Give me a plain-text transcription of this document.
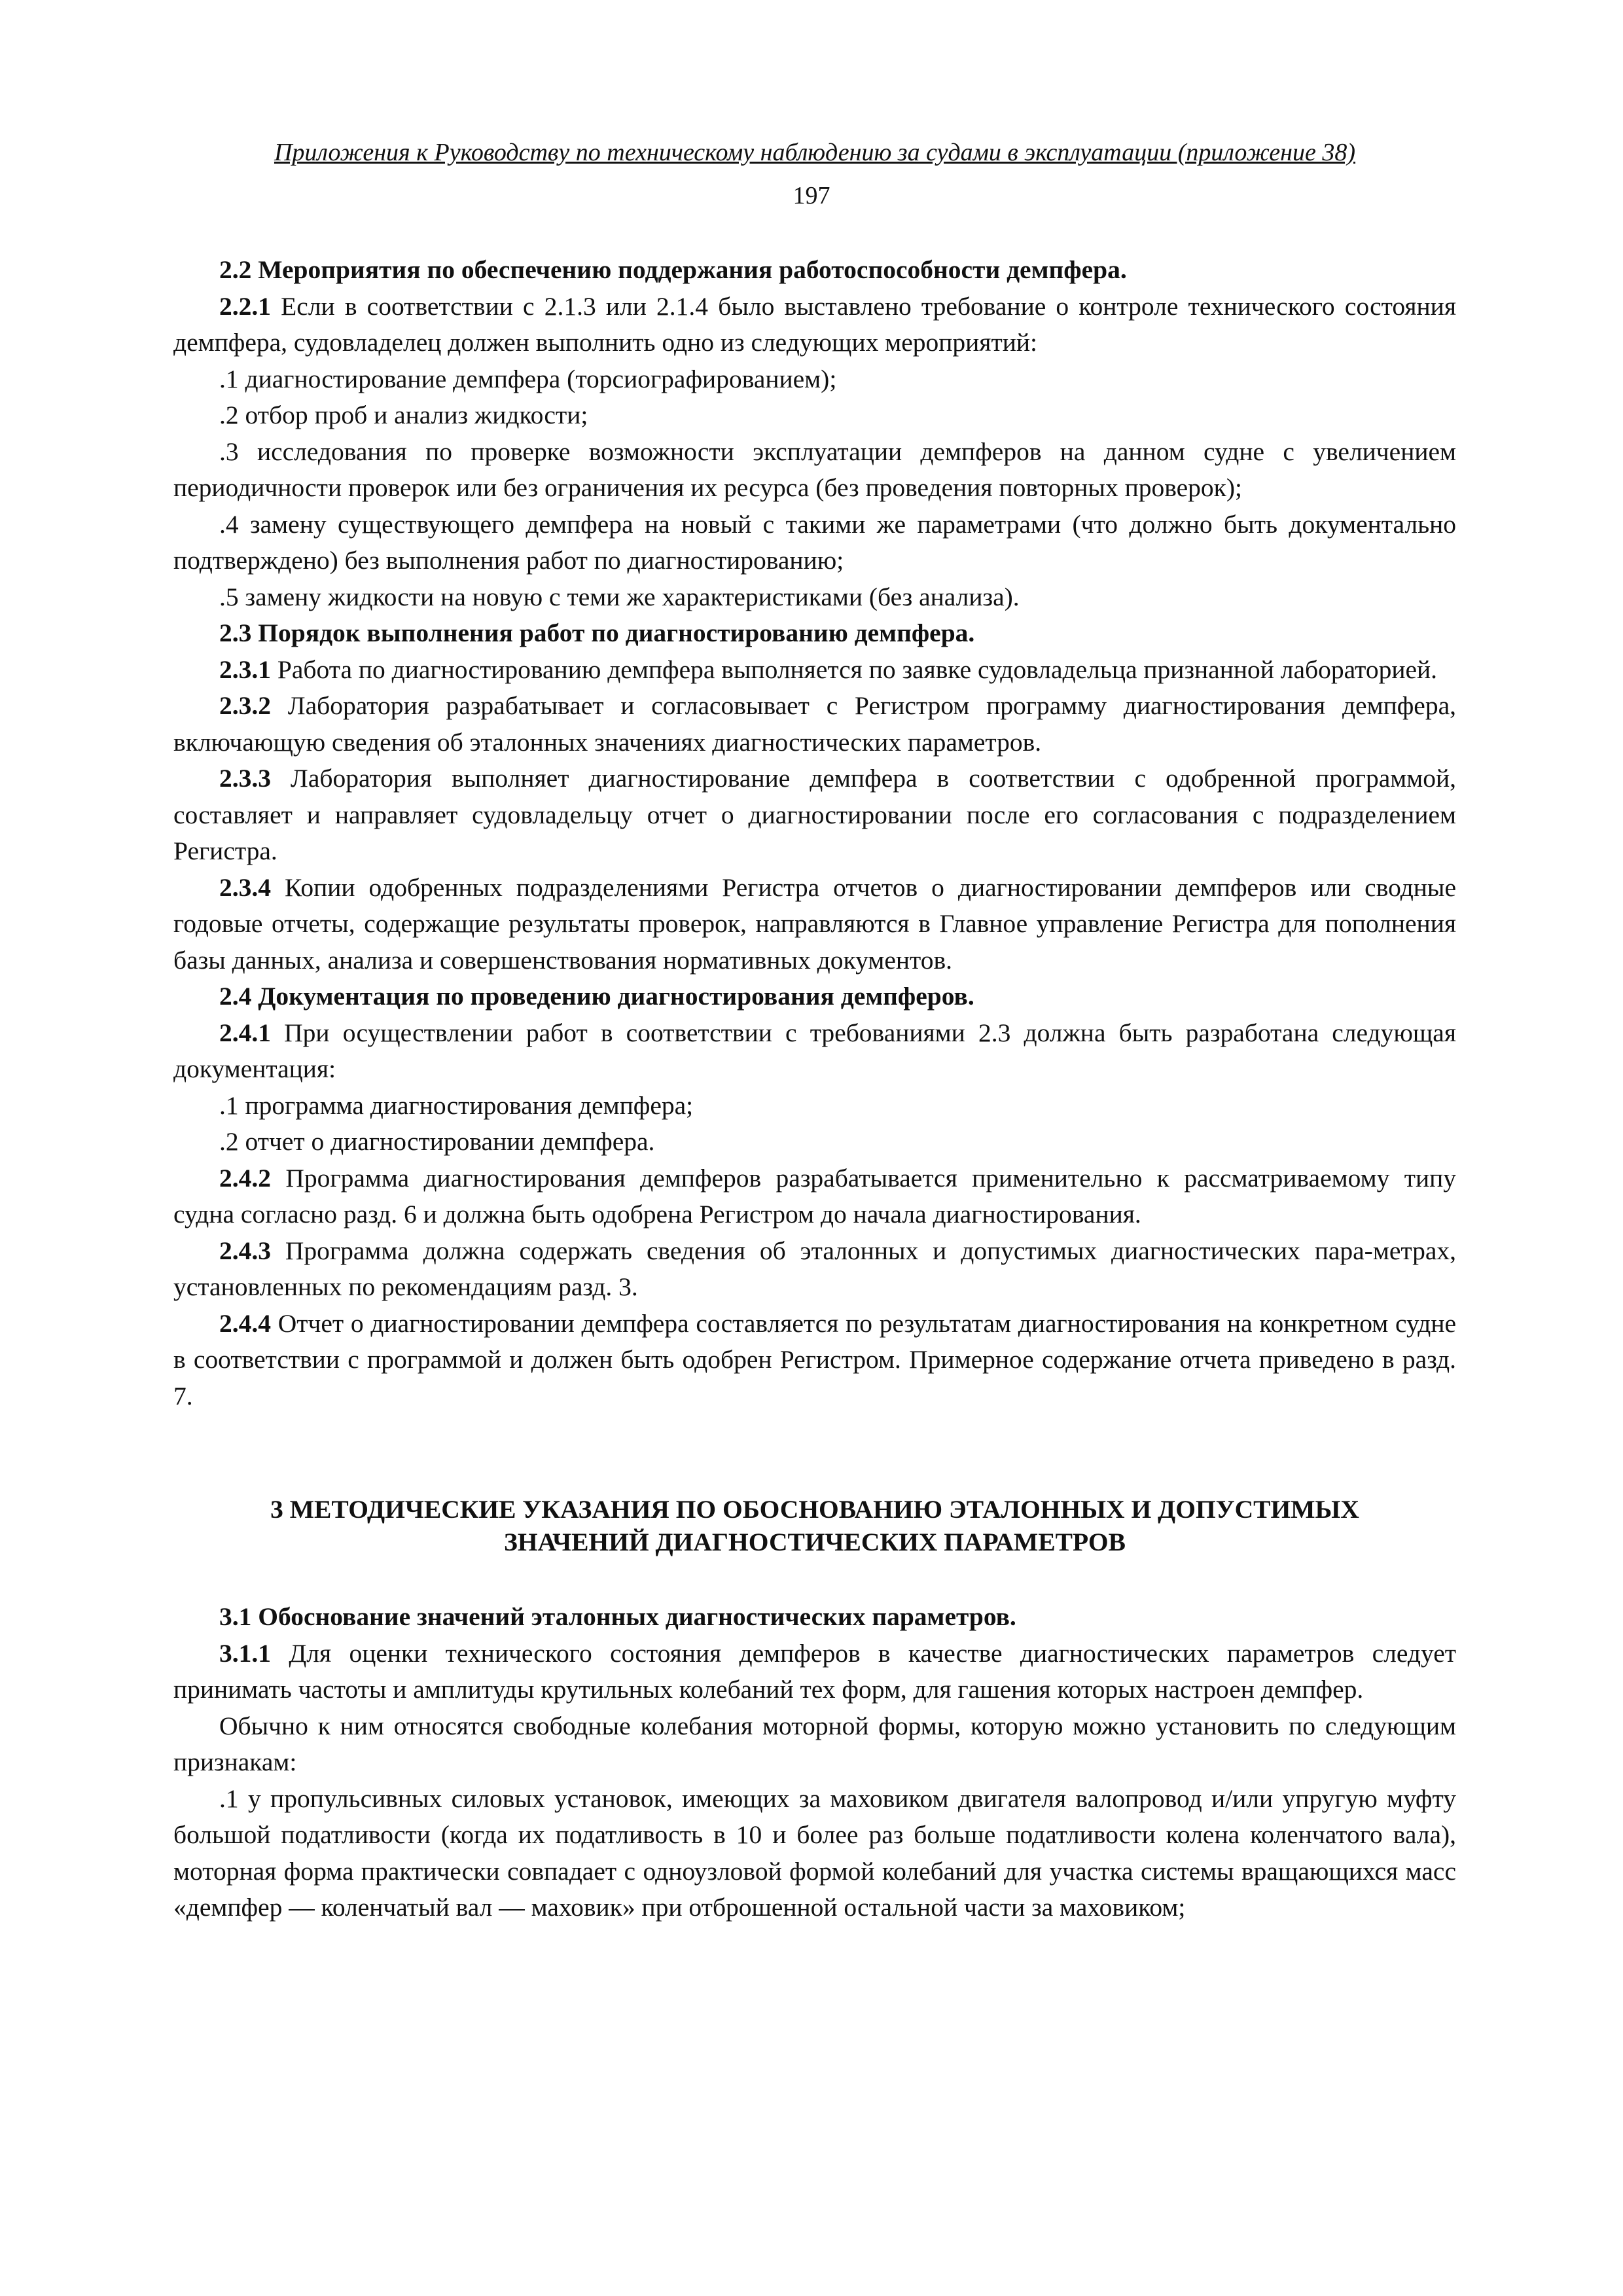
Приложения к Руководству по техническому наблюдению за судами в эксплуатации (приложение 38)
197

2.2 Мероприятия по обеспечению поддержания работоспособности демпфера.

2.2.1 Если в соответствии с 2.1.3 или 2.1.4 было выставлено требование о контроле технического состояния демпфера, судовладелец должен выполнить одно из следующих мероприятий:

.1 диагностирование демпфера (торсиографированием);

.2 отбор проб и анализ жидкости;

.3 исследования по проверке возможности эксплуатации демпферов на данном судне с увеличением периодичности проверок или без ограничения их ресурса (без проведения повторных проверок);

.4 замену существующего демпфера на новый с такими же параметрами (что должно быть документально подтверждено) без выполнения работ по диагностированию;

.5 замену жидкости на новую с теми же характеристиками (без анализа).

2.3 Порядок выполнения работ по диагностированию демпфера.

2.3.1 Работа по диагностированию демпфера выполняется по заявке судовладельца признанной лабораторией.

2.3.2 Лаборатория разрабатывает и согласовывает с Регистром программу диагностирования демпфера, включающую сведения об эталонных значениях диагностических параметров.

2.3.3 Лаборатория выполняет диагностирование демпфера в соответствии с одобренной программой, составляет и направляет судовладельцу отчет о диагностировании после его согласования с подразделением Регистра.

2.3.4 Копии одобренных подразделениями Регистра отчетов о диагностировании демпферов или сводные годовые отчеты, содержащие результаты проверок, направляются в Главное управление Регистра для пополнения базы данных, анализа и совершенствования нормативных документов.

2.4 Документация по проведению диагностирования демпферов.

2.4.1 При осуществлении работ в соответствии с требованиями 2.3 должна быть разработана следующая документация:

.1 программа диагностирования демпфера;

.2 отчет о диагностировании демпфера.

2.4.2 Программа диагностирования демпферов разрабатывается применительно к рассматриваемому типу судна согласно разд. 6 и должна быть одобрена Регистром до начала диагностирования.

2.4.3 Программа должна содержать сведения об эталонных и допустимых диагностических пара-метрах, установленных по рекомендациям разд. 3.

2.4.4 Отчет о диагностировании демпфера составляется по результатам диагностирования на конкретном судне в соответствии с программой и должен быть одобрен Регистром. Примерное содержание отчета приведено в разд. 7.

3 МЕТОДИЧЕСКИЕ УКАЗАНИЯ ПО ОБОСНОВАНИЮ ЭТАЛОННЫХ И ДОПУСТИМЫХ

ЗНАЧЕНИЙ ДИАГНОСТИЧЕСКИХ ПАРАМЕТРОВ

3.1 Обоснование значений эталонных диагностических параметров.

3.1.1 Для оценки технического состояния демпферов в качестве диагностических параметров следует принимать частоты и амплитуды крутильных колебаний тех форм, для гашения которых настроен демпфер.

Обычно к ним относятся свободные колебания моторной формы, которую можно установить по следующим признакам:

.1 у пропульсивных силовых установок, имеющих за маховиком двигателя валопровод и/или упругую муфту большой податливости (когда их податливость в 10 и более раз больше податливости колена коленчатого вала), моторная форма практически совпадает с одноузловой формой колебаний для участка системы вращающихся масс «демпфер — коленчатый вал — маховик» при отброшенной остальной части за маховиком;
